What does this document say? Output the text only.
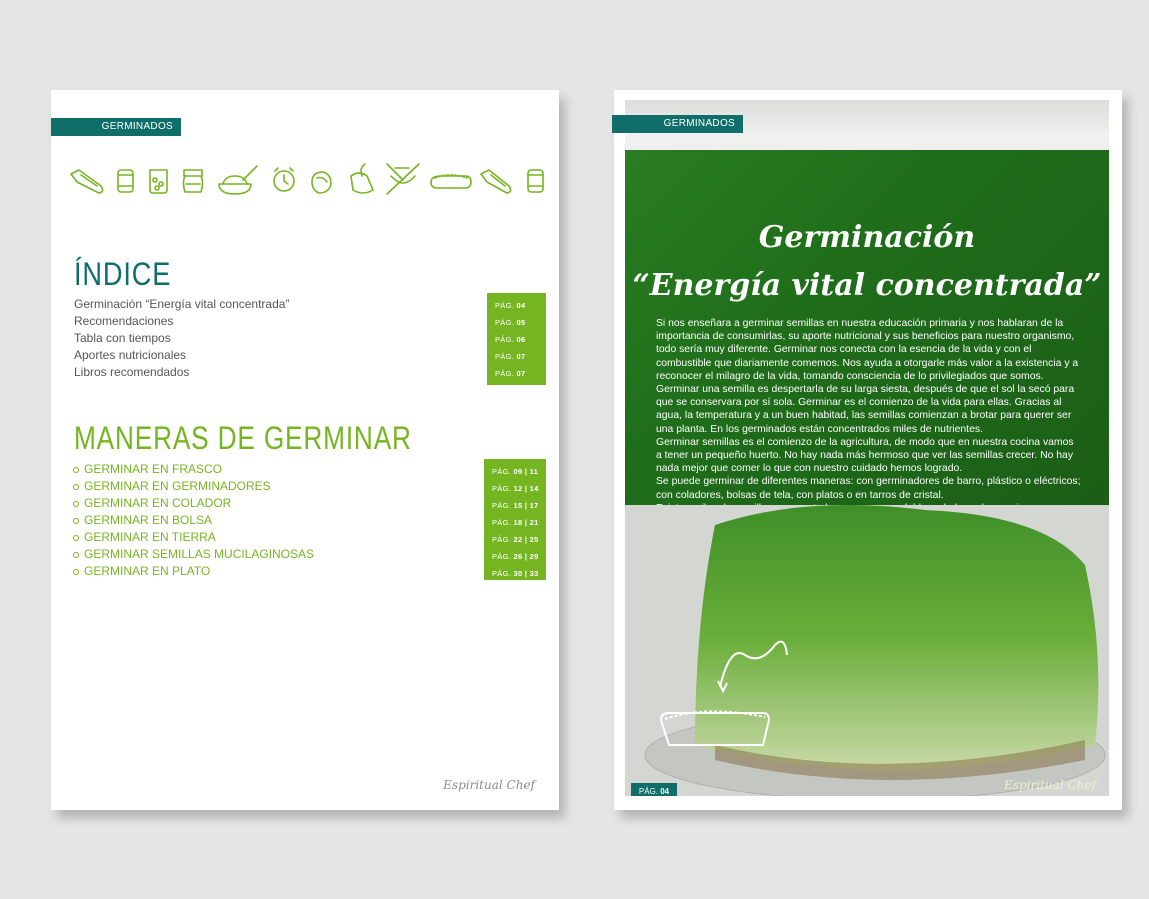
GERMINADOS
ÍNDICE
Germinación “Energía vital concentrada”
Recomendaciones
Tabla con tiempos
Aportes nutricionales
Libros recomendados
PÁG. 04
PÁG. 05
PÁG. 06
PÁG. 07
PÁG. 07
MANERAS DE GERMINAR
GERMINAR EN FRASCO
GERMINAR EN GERMINADORES
GERMINAR EN COLADOR
GERMINAR EN BOLSA
GERMINAR EN TIERRA
GERMINAR SEMILLAS MUCILAGINOSAS
GERMINAR EN PLATO
PÁG. 09 | 11
PÁG. 12 | 14
PÁG. 15 | 17
PÁG. 18 | 21
PÁG. 22 | 25
PÁG. 26 | 29
PÁG. 30 | 33
Espiritual Chef
Germinación
“Energía vital concentrada”

Si nos enseñara a germinar semillas en nuestra educación primaria y nos hablaran de la importancia de consumirlas, su aporte nutricional y sus beneficios para nuestro organismo, todo sería muy diferente. Germinar nos conecta con la esencia de la vida y con el combustible que diariamente comemos. Nos ayuda a otorgarle más valor a la existencia y a reconocer el milagro de la vida, tomando consciencia de lo privilegiados que somos.

Germinar una semilla es despertarla de su larga siesta, después de que el sol la secó para que se conservara por sí sola. Germinar es el comienzo de la vida para ellas. Gracias al agua, la temperatura y a un buen habitad, las semillas comienzan a brotar para querer ser una planta. En los germinados están concentrados miles de nutrientes.

Germinar semillas es el comienzo de la agricultura, de modo que en nuestra cocina vamos a tener un pequeño huerto. No hay nada más hermoso que ver las semillas crecer. No hay nada mejor que comer lo que con nuestro cuidado hemos logrado.

Se puede germinar de diferentes maneras: con germinadores de barro, plástico o eléctricos; con coladores, bolsas de tela, con platos o en tarros de cristal.

PÁG. 04
GERMINADOS
Espiritual Chef
